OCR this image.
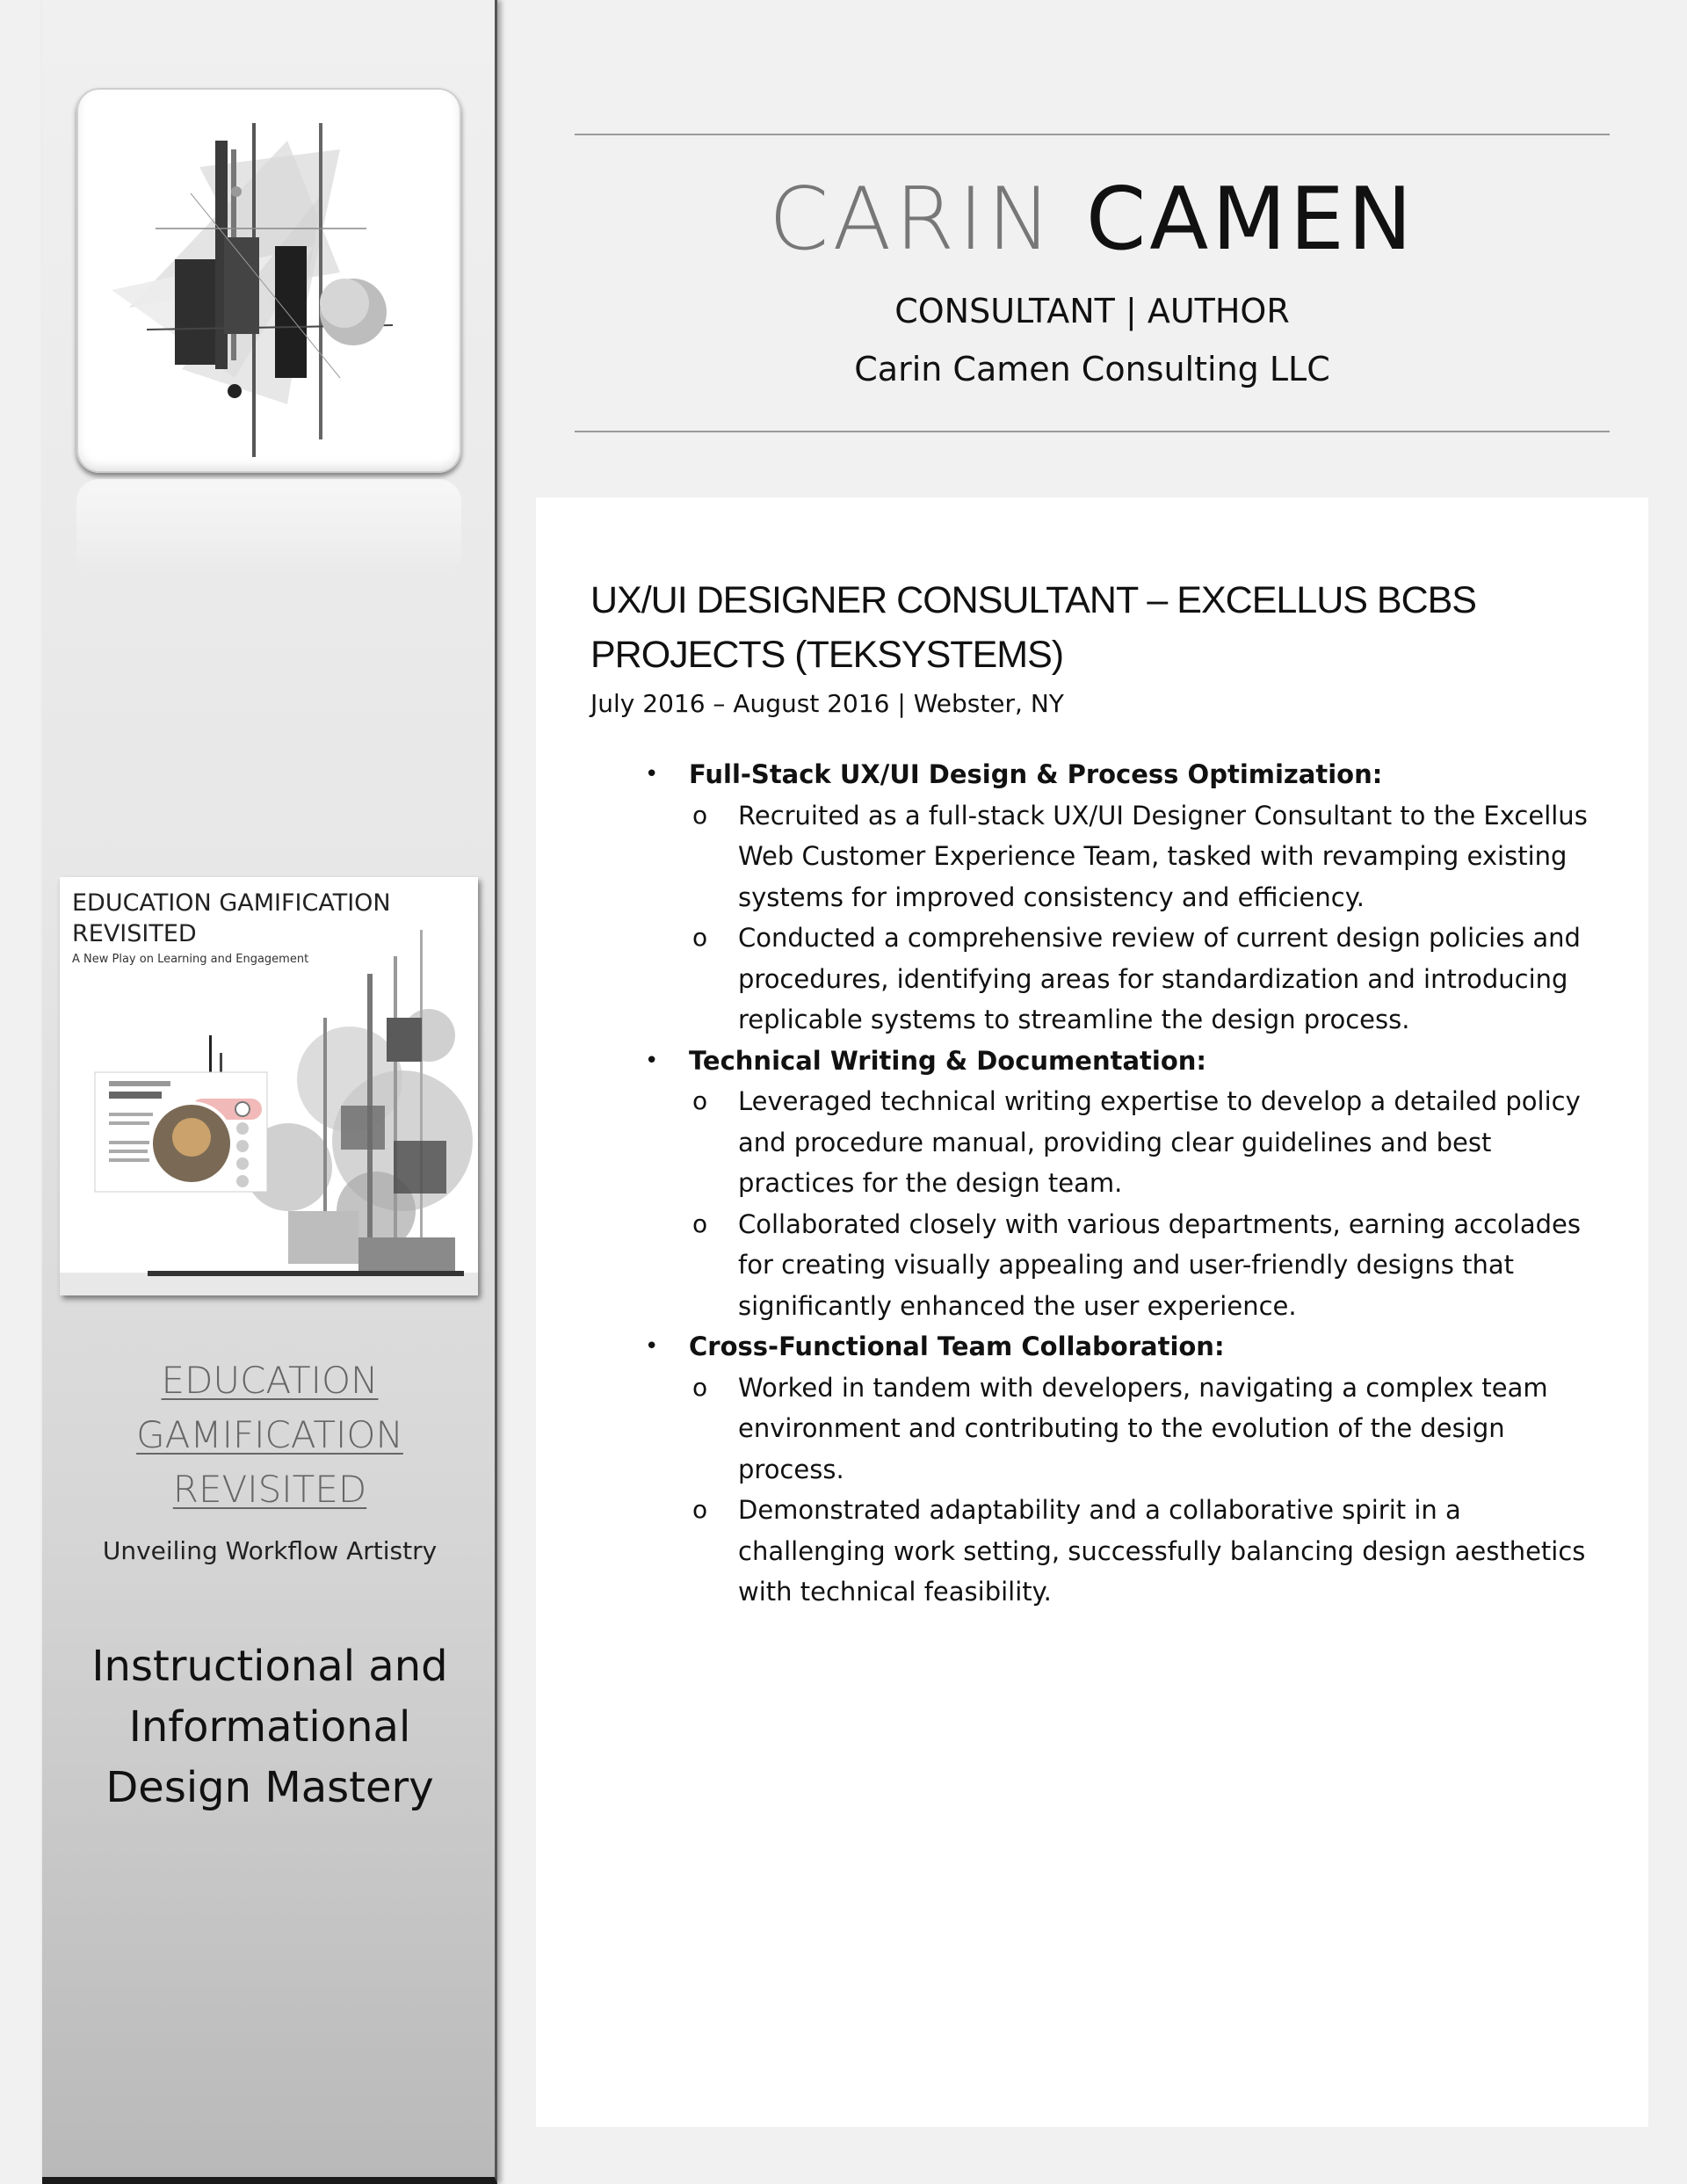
EDUCATION GAMIFICATION
REVISITED
A New Play on Learning and Engagement
EDUCATION
GAMIFICATION
REVISITED
Unveiling Workflow Artistry
Instructional and
Informational
Design Mastery
CARIN CAMEN
CONSULTANT | AUTHOR
Carin Camen Consulting LLC
UX/UI DESIGNER CONSULTANT – EXCELLUS BCBS
PROJECTS (TEKSYSTEMS)
July 2016 – August 2016 | Webster, NY
• Full-Stack UX/UI Design & Process Optimization:
o Recruited as a full-stack UX/UI Designer Consultant to the Excellus Web Customer Experience Team, tasked with revamping existing systems for improved consistency and efficiency.
o Conducted a comprehensive review of current design policies and procedures, identifying areas for standardization and introducing replicable systems to streamline the design process.
• Technical Writing & Documentation:
o Leveraged technical writing expertise to develop a detailed policy and procedure manual, providing clear guidelines and best practices for the design team.
o Collaborated closely with various departments, earning accolades for creating visually appealing and user-friendly designs that significantly enhanced the user experience.
• Cross-Functional Team Collaboration:
o Worked in tandem with developers, navigating a complex team environment and contributing to the evolution of the design process.
o Demonstrated adaptability and a collaborative spirit in a challenging work setting, successfully balancing design aesthetics with technical feasibility.
